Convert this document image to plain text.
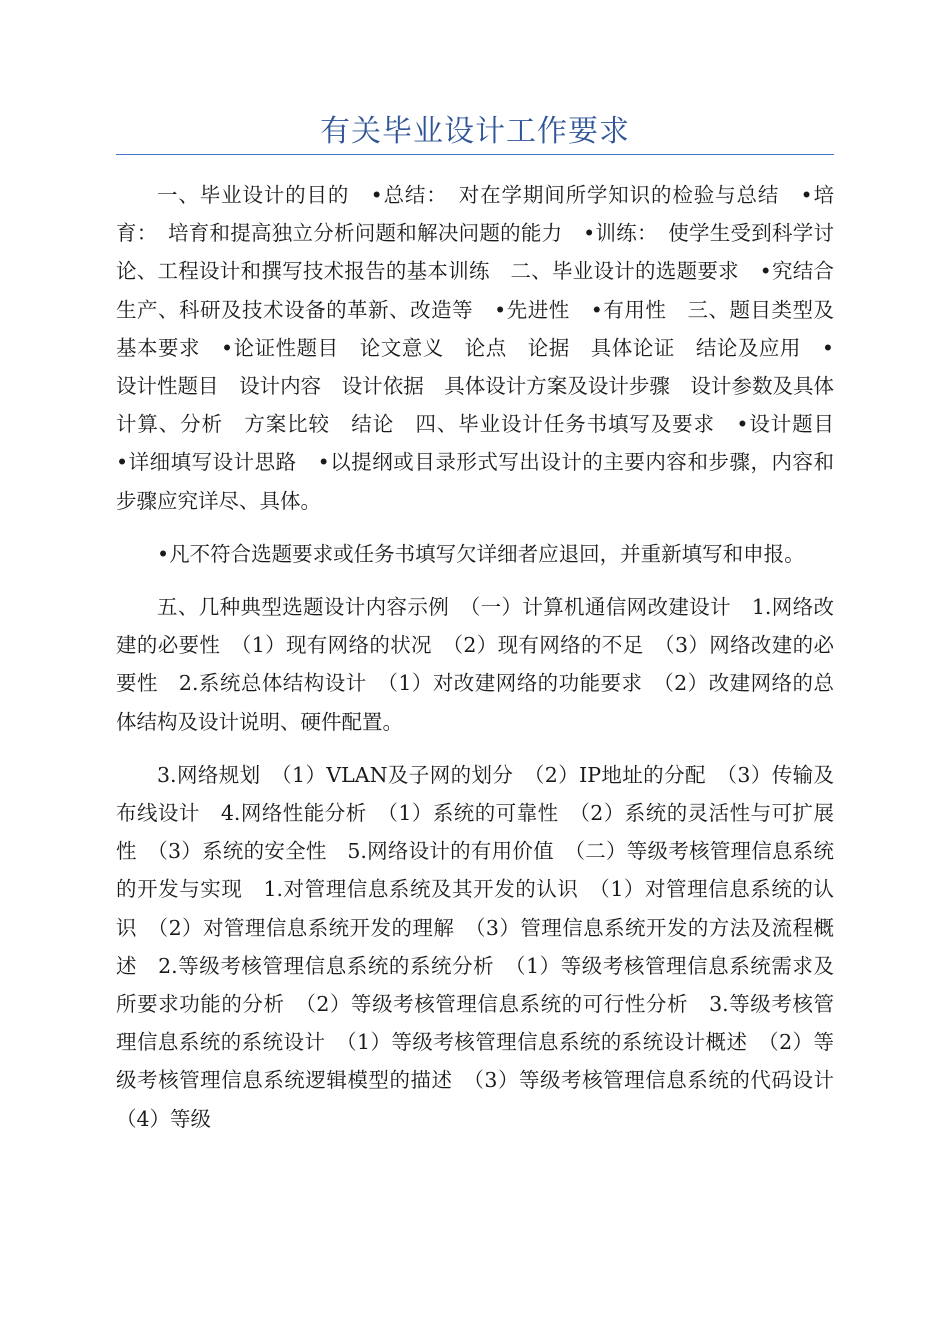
有关毕业设计工作要求

一、毕业设计的目的　•总结：　对在学期间所学知识的检验与总结　•培育：　培育和提高独立分析问题和解决问题的能力　•训练：　使学生受到科学讨论、工程设计和撰写技术报告的基本训练　二、毕业设计的选题要求　•究结合生产、科研及技术设备的革新、改造等　•先进性　•有用性　三、题目类型及基本要求　•论证性题目　论文意义　论点　论据　具体论证　结论及应用　•设计性题目　设计内容　设计依据　具体设计方案及设计步骤　设计参数及具体计算、分析　方案比较　结论　四、毕业设计任务书填写及要求　•设计题目　•详细填写设计思路　•以提纲或目录形式写出设计的主要内容和步骤，内容和步骤应究详尽、具体。

•凡不符合选题要求或任务书填写欠详细者应退回，并重新填写和申报。

五、几种典型选题设计内容示例　（一）计算机通信网改建设计　1.网络改建的必要性　（1）现有网络的状况　（2）现有网络的不足　（3）网络改建的必要性　2.系统总体结构设计　（1）对改建网络的功能要求　（2）改建网络的总体结构及设计说明、硬件配置。

3.网络规划　（1）VLAN及子网的划分　（2）IP地址的分配　（3）传输及布线设计　4.网络性能分析　（1）系统的可靠性　（2）系统的灵活性与可扩展性　（3）系统的安全性　5.网络设计的有用价值　（二）等级考核管理信息系统的开发与实现　1.对管理信息系统及其开发的认识　（1）对管理信息系统的认识　（2）对管理信息系统开发的理解　（3）管理信息系统开发的方法及流程概述　2.等级考核管理信息系统的系统分析　（1）等级考核管理信息系统需求及所要求功能的分析　（2）等级考核管理信息系统的可行性分析　3.等级考核管理信息系统的系统设计　（1）等级考核管理信息系统的系统设计概述　（2）等级考核管理信息系统逻辑模型的描述　（3）等级考核管理信息系统的代码设计　（4）等级
